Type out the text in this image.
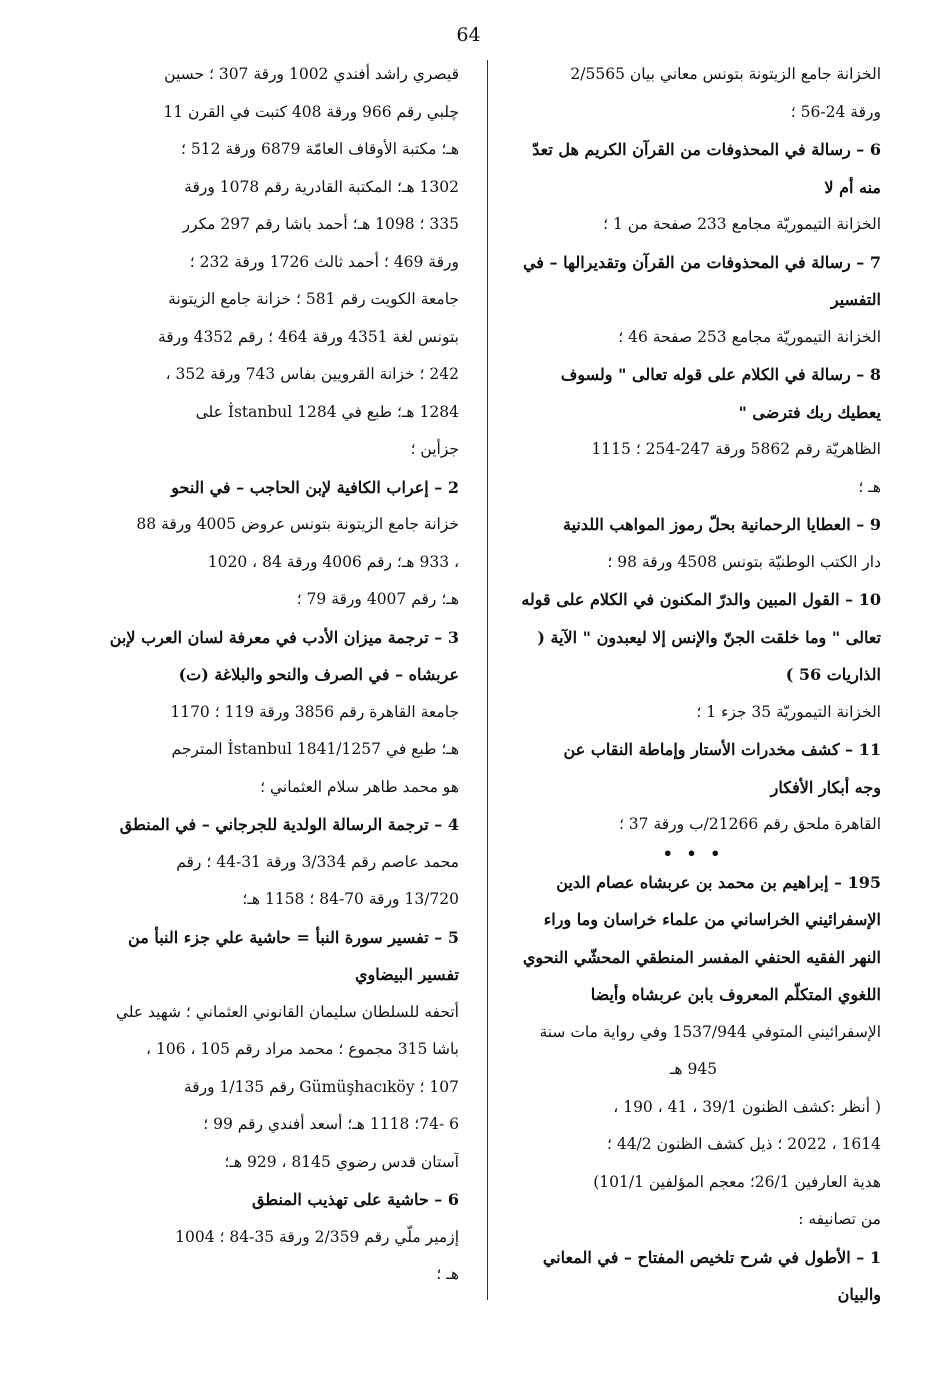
64
الخزانة جامع الزيتونة بتونس معاني بيان 2/5565
ورقة 24-56 ؛
6 – رسالة في المحذوفات من القرآن الكريم هل تعدّ
منه أم لا
الخزانة التيموريّة مجامع 233 صفحة من 1 ؛
7 – رسالة في المحذوفات من القرآن وتقديرالها – في
التفسير
الخزانة التيموريّة مجامع 253 صفحة 46 ؛
8 – رسالة في الكلام على قوله تعالى " ولسوف
يعطيك ربك فترضى "
الظاهريّة رقم 5862 ورقة 247-254 ؛ 1115
هـ ؛
9 – العطايا الرحمانية بحلّ رموز المواهب اللدنية
دار الكتب الوطنيّة بتونس 4508 ورقة 98 ؛
10 – القول المبين والدرّ المكنون في الكلام على قوله
تعالى " وما خلقت الجنّ والإنس إلا ليعبدون " الآية (
الذاريات 56 )
الخزانة التيموريّة 35 جزء 1 ؛
11 – كشف مخدرات الأستار وإماطة النقاب عن
وجه أبكار الأفكار
القاهرة ملحق رقم 21266/ب ورقة 37 ؛
• • •
195 – إبراهيم بن محمد بن عربشاه عصام الدين
الإسفرائيني الخراساني من علماء خراسان وما وراء
النهر الفقيه الحنفي المفسر المنطقي المحشّي النحوي
اللغوي المتكلّم المعروف بابن عربشاه وأيضا
الإسفرائيني المتوفي 1537/944 وفي رواية مات سنة
945 هـ
( أنظر :كشف الظنون 39/1 ، 41 ، 190 ،
1614 ، 2022 ؛ ذيل كشف الظنون 44/2 ؛
هدية العارفين 26/1؛ معجم المؤلفين 101/1)
من تصانيفه :
1 – الأطول في شرح تلخيص المفتاح – في المعاني
والبيان
قيصري راشد أفندي 1002 ورقة 307 ؛ حسين
چلبي رقم 966 ورقة 408 كتبت في القرن 11
هـ؛ مكتبة الأوقاف العامّة 6879 ورقة 512 ؛
1302 هـ؛ المكتبة القادرية رقم 1078 ورقة
335 ؛ 1098 هـ؛ أحمد باشا رقم 297 مكرر
ورقة 469 ؛ أحمد ثالث 1726 ورقة 232 ؛
جامعة الكويت رقم 581 ؛ خزانة جامع الزيتونة
بتونس لغة 4351 ورقة 464 ؛ رقم 4352 ورقة
242 ؛ خزانة القرويين بفاس 743 ورقة 352 ،
1284 هـ؛ طبع في İstanbul 1284 على
جزأين ؛
2 – إعراب الكافية لإبن الحاجب – في النحو
خزانة جامع الزيتونة بتونس عروض 4005 ورقة 88
، 933 هـ؛ رقم 4006 ورقة 84 ، 1020
هـ؛ رقم 4007 ورقة 79 ؛
3 – ترجمة ميزان الأدب في معرفة لسان العرب لإبن
عربشاه – في الصرف والنحو والبلاغة (ت)
جامعة القاهرة رقم 3856 ورقة 119 ؛ 1170
هـ؛ طبع في İstanbul 1841/1257 المترجم
هو محمد طاهر سلام العثماني ؛
4 – ترجمة الرسالة الولدية للجرجاني – في المنطق
محمد عاصم رقم 3/334 ورقة 31-44 ؛ رقم
13/720 ورقة 70-84 ؛ 1158 هـ؛
5 – تفسير سورة النبأ = حاشية علي جزء النبأ من
تفسير البيضاوي
أتحفه للسلطان سليمان القانوني العثماني ؛ شهيد علي
باشا 315 مجموع ؛ محمد مراد رقم 105 ، 106 ،
107 ؛ Gümüşhacıköy رقم 1/135 ورقة
6 -74؛ 1118 هـ؛ أسعد أفندي رقم 99 ؛
آستان قدس رضوي 8145 ، 929 هـ؛
6 – حاشية على تهذيب المنطق
إزمير ملّي رقم 2/359 ورقة 35-84 ؛ 1004
هـ ؛
